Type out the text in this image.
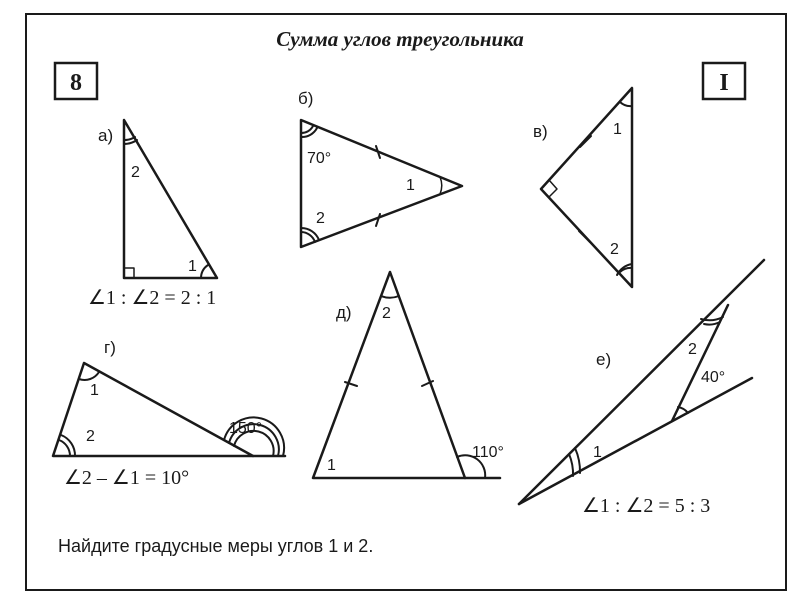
Сумма углов треугольника
8	I
а)
2
1
∠1 : ∠2 = 2 : 1
б)
70°
2
1
в)	1
2
г)
1
2	150°
∠2 – ∠1 = 10°
д) 2
1
110°
е)
1
2
40°
∠1 : ∠2 = 5 : 3
Найдите градусные меры углов 1 и 2.
